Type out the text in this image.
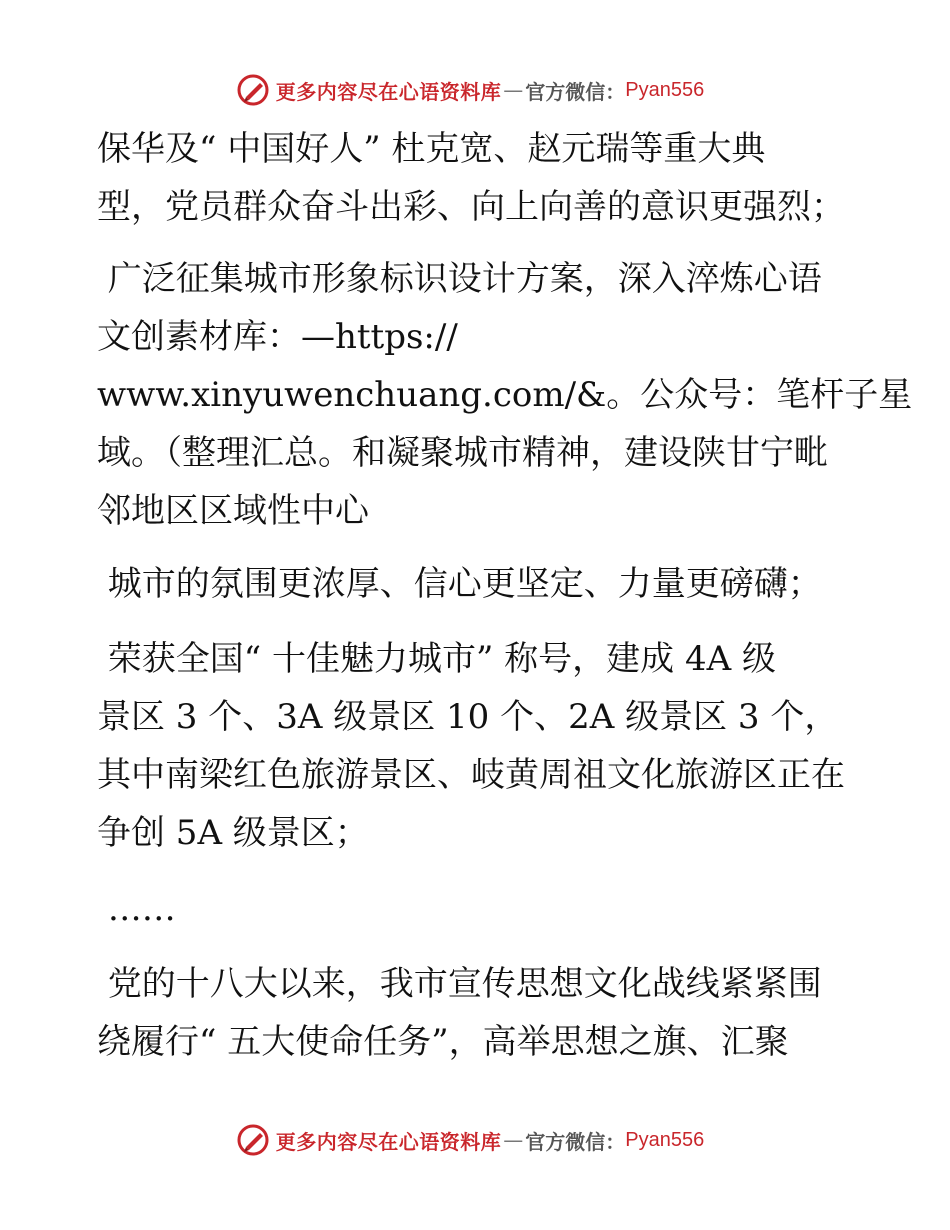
更多内容尽在心语资料库 — 官方微信： Pyan556
保华及“ 中国好人” 杜克宽、赵元瑞等重大典
型，党员群众奋斗出彩、向上向善的意识更强烈；
广泛征集城市形象标识设计方案，深入淬炼心语
文创素材库：—https://
www.xinyuwenchuang.com/&。公众号：笔杆子星
域。（整理汇总。和凝聚城市精神，建设陕甘宁毗
邻地区区域性中心
城市的氛围更浓厚、信心更坚定、力量更磅礴；
荣获全国“ 十佳魅力城市” 称号，建成 4A 级
景区 3 个、3A 级景区 10 个、2A 级景区 3 个，
其中南梁红色旅游景区、岐黄周祖文化旅游区正在
争创 5A 级景区；
……
党的十八大以来，我市宣传思想文化战线紧紧围
绕履行“ 五大使命任务”，高举思想之旗、汇聚
更多内容尽在心语资料库 — 官方微信： Pyan556
